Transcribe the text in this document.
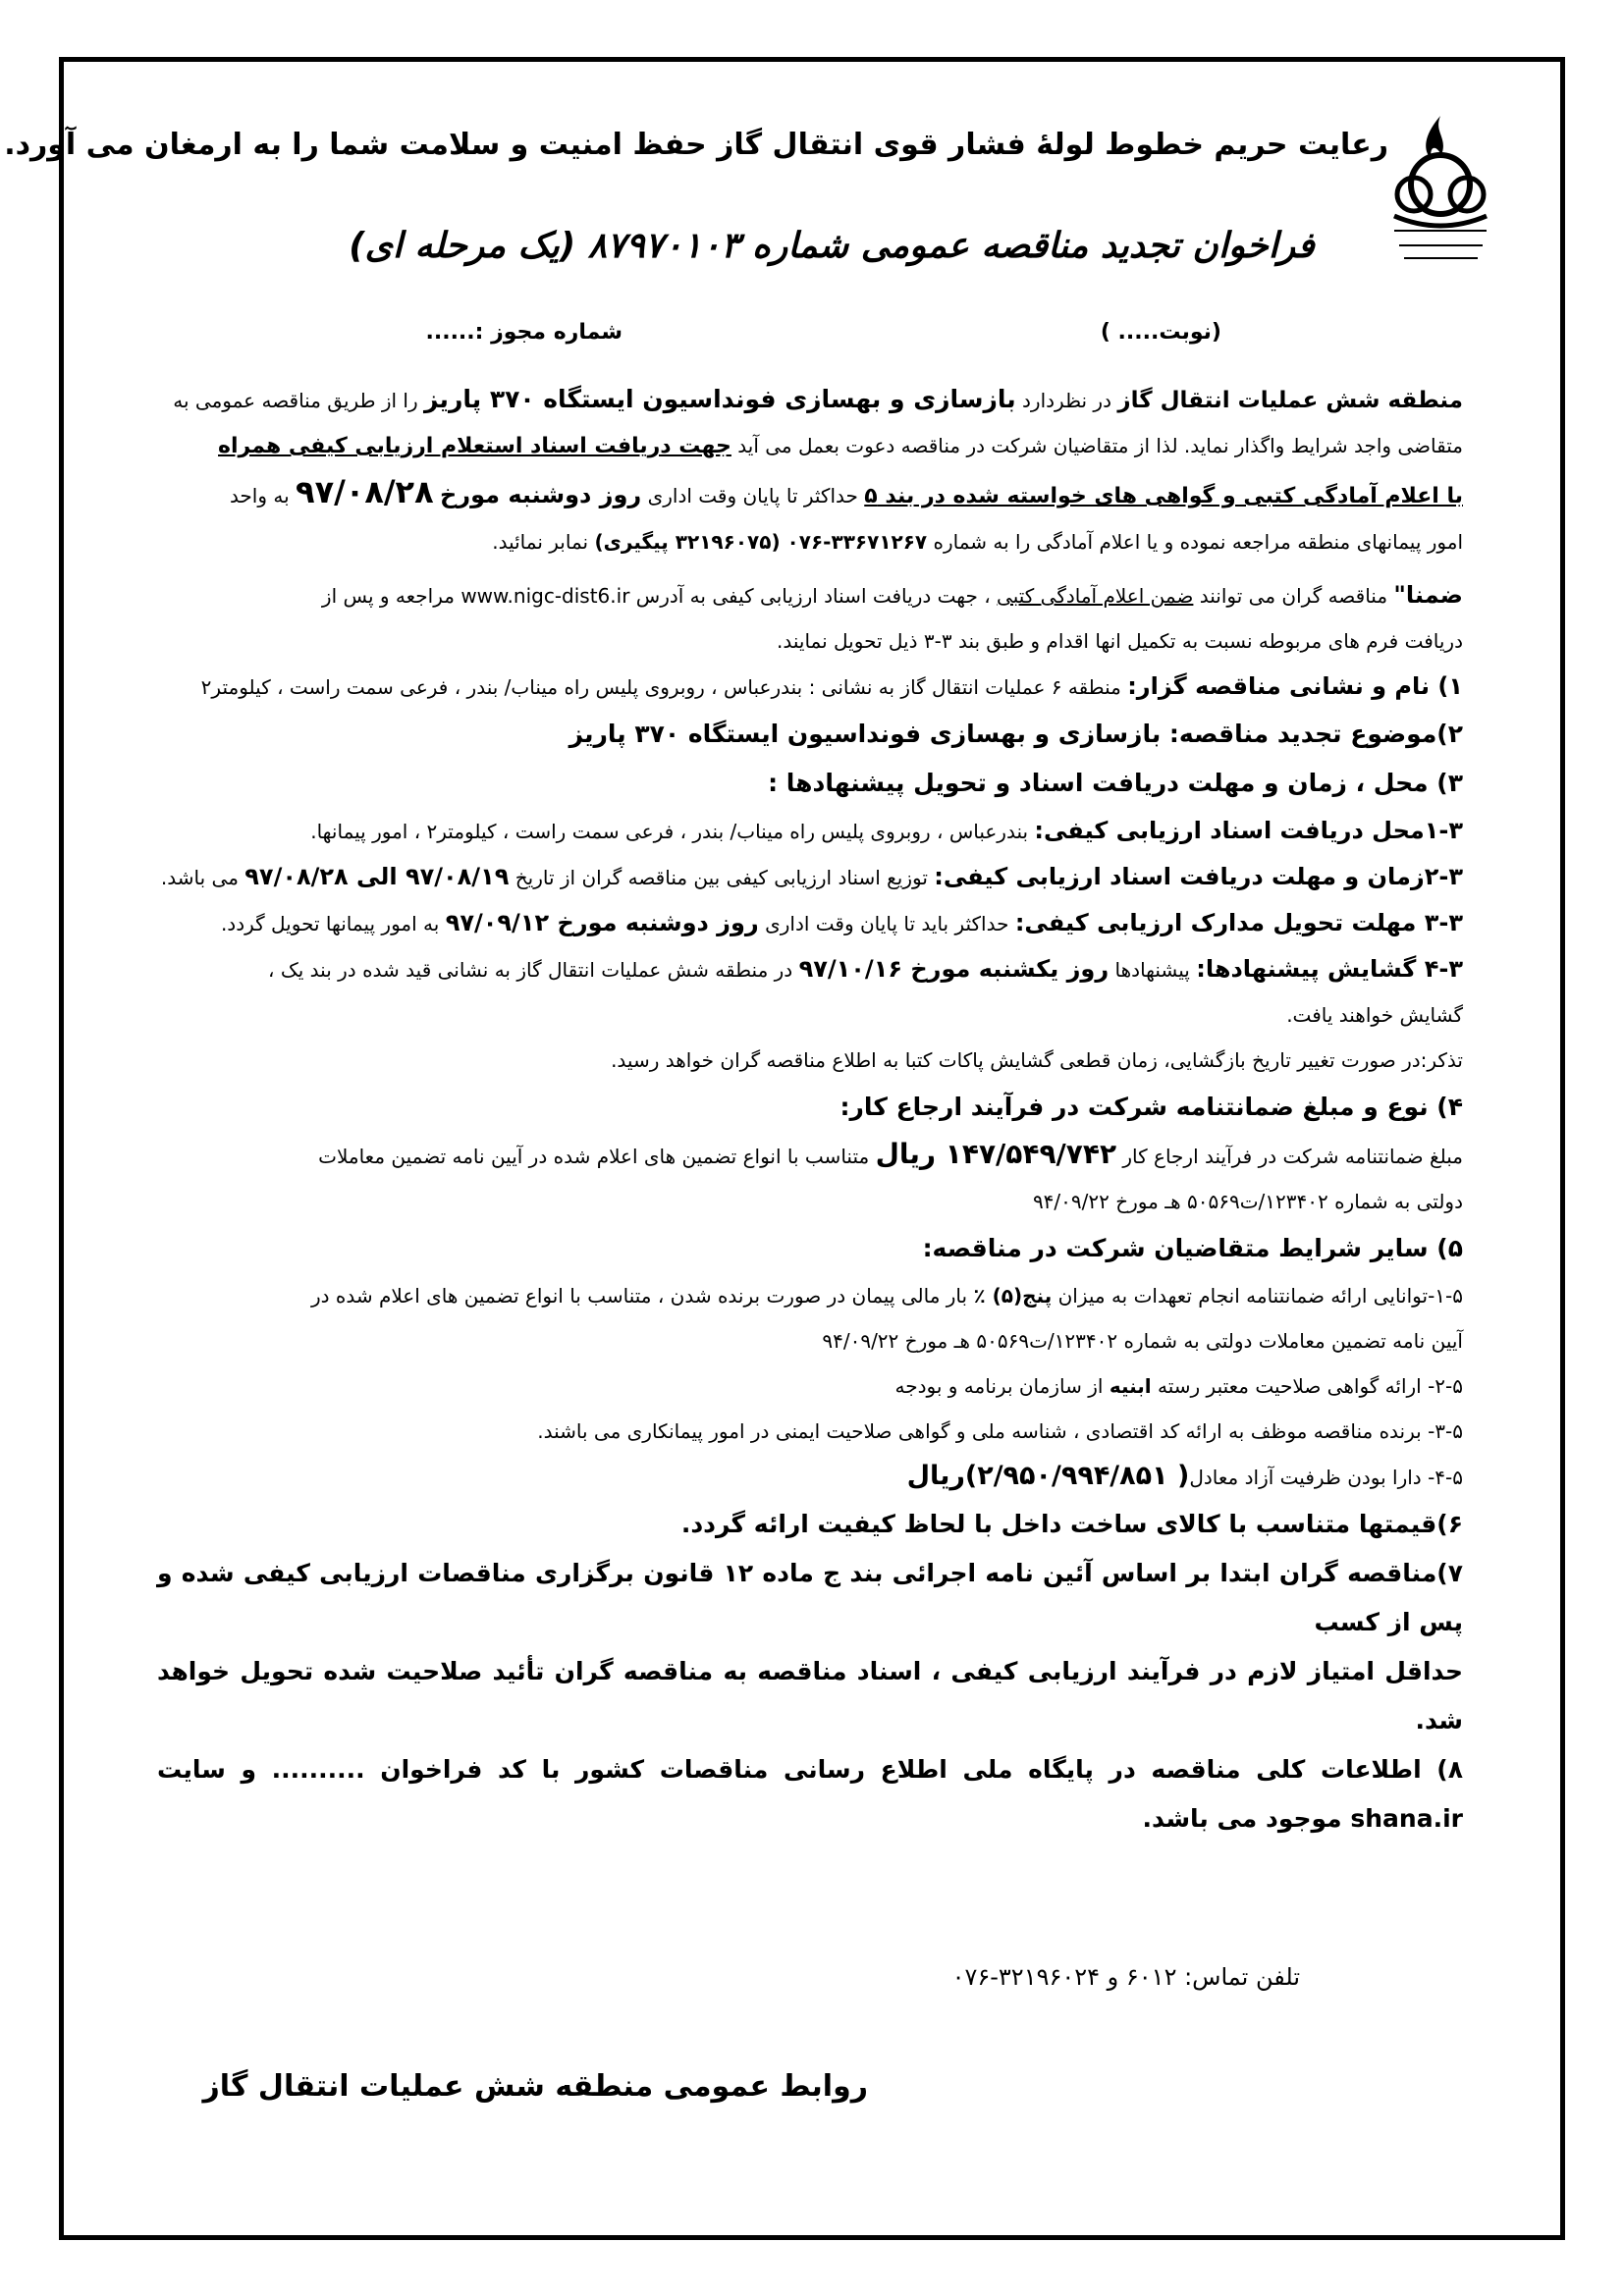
رعایت حریم خطوط لولهٔ فشار قوی انتقال گاز حفظ امنیت و سلامت شما را به ارمغان می آورد.
فراخوان تجدید مناقصه عمومی شماره ۸۷۹۷۰۱۰۳ (یک مرحله ای)
(نوبت..... )
شماره مجوز :......

منطقه شش عملیات انتقال گاز در نظردارد بازسازی و بهسازی فونداسیون ایستگاه ۳۷۰ پاریز را از طریق مناقصه عمومی به

متقاضی واجد شرایط واگذار نماید. لذا از متقاضیان شرکت در مناقصه دعوت بعمل می آید جهت دریافت اسناد استعلام ارزیابی کیفی همراه

با اعلام آمادگی کتبی و گواهی های خواسته شده در بند ۵ حداکثر تا پایان وقت اداری روز دوشنبه مورخ ۹۷/۰۸/۲۸ به واحد

امور پیمانهای منطقه مراجعه نموده و یا اعلام آمادگی را به شماره ۳۳۶۷۱۲۶۷-۰۷۶ (۳۲۱۹۶۰۷۵ پیگیری) نمابر نمائید.

ضمنا" مناقصه گران می توانند ضمن اعلام آمادگی کتبی ، جهت دریافت اسناد ارزیابی کیفی به آدرس www.nigc-dist6.ir مراجعه و پس از

دریافت فرم های مربوطه نسبت به تکمیل انها اقدام و طبق بند ۳-۳ ذیل تحویل نمایند.

۱) نام و نشانی مناقصه گزار: منطقه ۶ عملیات انتقال گاز به نشانی : بندرعباس ، روبروی پلیس راه میناب/ بندر ، فرعی سمت راست ، کیلومتر۲

۲)موضوع تجدید مناقصه: بازسازی و بهسازی فونداسیون ایستگاه ۳۷۰ پاریز

۳) محل ، زمان و مهلت دریافت اسناد و تحویل پیشنهادها :

۱-۳محل دریافت اسناد ارزیابی کیفی: بندرعباس ، روبروی پلیس راه میناب/ بندر ، فرعی سمت راست ، کیلومتر۲ ، امور پیمانها.

۲-۳زمان و مهلت دریافت اسناد ارزیابی کیفی: توزیع اسناد ارزیابی کیفی بین مناقصه گران از تاریخ ۹۷/۰۸/۱۹ الی ۹۷/۰۸/۲۸ می باشد.

۳-۳ مهلت تحویل مدارک ارزیابی کیفی: حداکثر باید تا پایان وقت اداری روز دوشنبه مورخ ۹۷/۰۹/۱۲ به امور پیمانها تحویل گردد.

۴-۳ گشایش پیشنهادها: پیشنهادها روز یکشنبه مورخ ۹۷/۱۰/۱۶ در منطقه شش عملیات انتقال گاز به نشانی قید شده در بند یک ،

گشایش خواهند یافت.

تذکر:در صورت تغییر تاریخ بازگشایی، زمان قطعی گشایش پاکات کتبا به اطلاع مناقصه گران خواهد رسید.

۴) نوع و مبلغ ضمانتنامه شرکت در فرآیند ارجاع کار:

مبلغ ضمانتنامه شرکت در فرآیند ارجاع کار ۱۴۷/۵۴۹/۷۴۲ ریال متناسب با انواع تضمین های اعلام شده در آیین نامه تضمین معاملات

دولتی به شماره ۱۲۳۴۰۲/ت۵۰۵۶۹ هـ مورخ ۹۴/۰۹/۲۲

۵) سایر شرایط متقاضیان شرکت در مناقصه:

۱-۵-توانایی ارائه ضمانتنامه انجام تعهدات به میزان پنج(۵) ٪ بار مالی پیمان در صورت برنده شدن ، متناسب با انواع تضمین های اعلام شده در

آیین نامه تضمین معاملات دولتی به شماره ۱۲۳۴۰۲/ت۵۰۵۶۹ هـ مورخ ۹۴/۰۹/۲۲

۲-۵- ارائه گواهی صلاحیت معتبر رسته ابنیه از سازمان برنامه و بودجه

۳-۵- برنده مناقصه موظف به ارائه کد اقتصادی ، شناسه ملی و گواهی صلاحیت ایمنی در امور پیمانکاری می باشند.

۴-۵- دارا بودن ظرفیت آزاد معادل( ۲/۹۵۰/۹۹۴/۸۵۱)ریال

۶)قیمتها متناسب با کالای ساخت داخل با لحاظ کیفیت ارائه گردد.

۷)مناقصه گران ابتدا بر اساس آئین نامه اجرائی بند ج ماده ۱۲ قانون برگزاری مناقصات ارزیابی کیفی شده و پس از کسب

حداقل امتیاز لازم در فرآیند ارزیابی کیفی ، اسناد مناقصه به مناقصه گران تأئید صلاحیت شده تحویل خواهد شد.

۸) اطلاعات کلی مناقصه در پایگاه ملی اطلاع رسانی مناقصات کشور با کد فراخوان .......... و سایت shana.ir موجود می باشد.

تلفن تماس: ۶۰۱۲ و ۳۲۱۹۶۰۲۴-۰۷۶
روابط عمومی منطقه شش عملیات انتقال گاز
